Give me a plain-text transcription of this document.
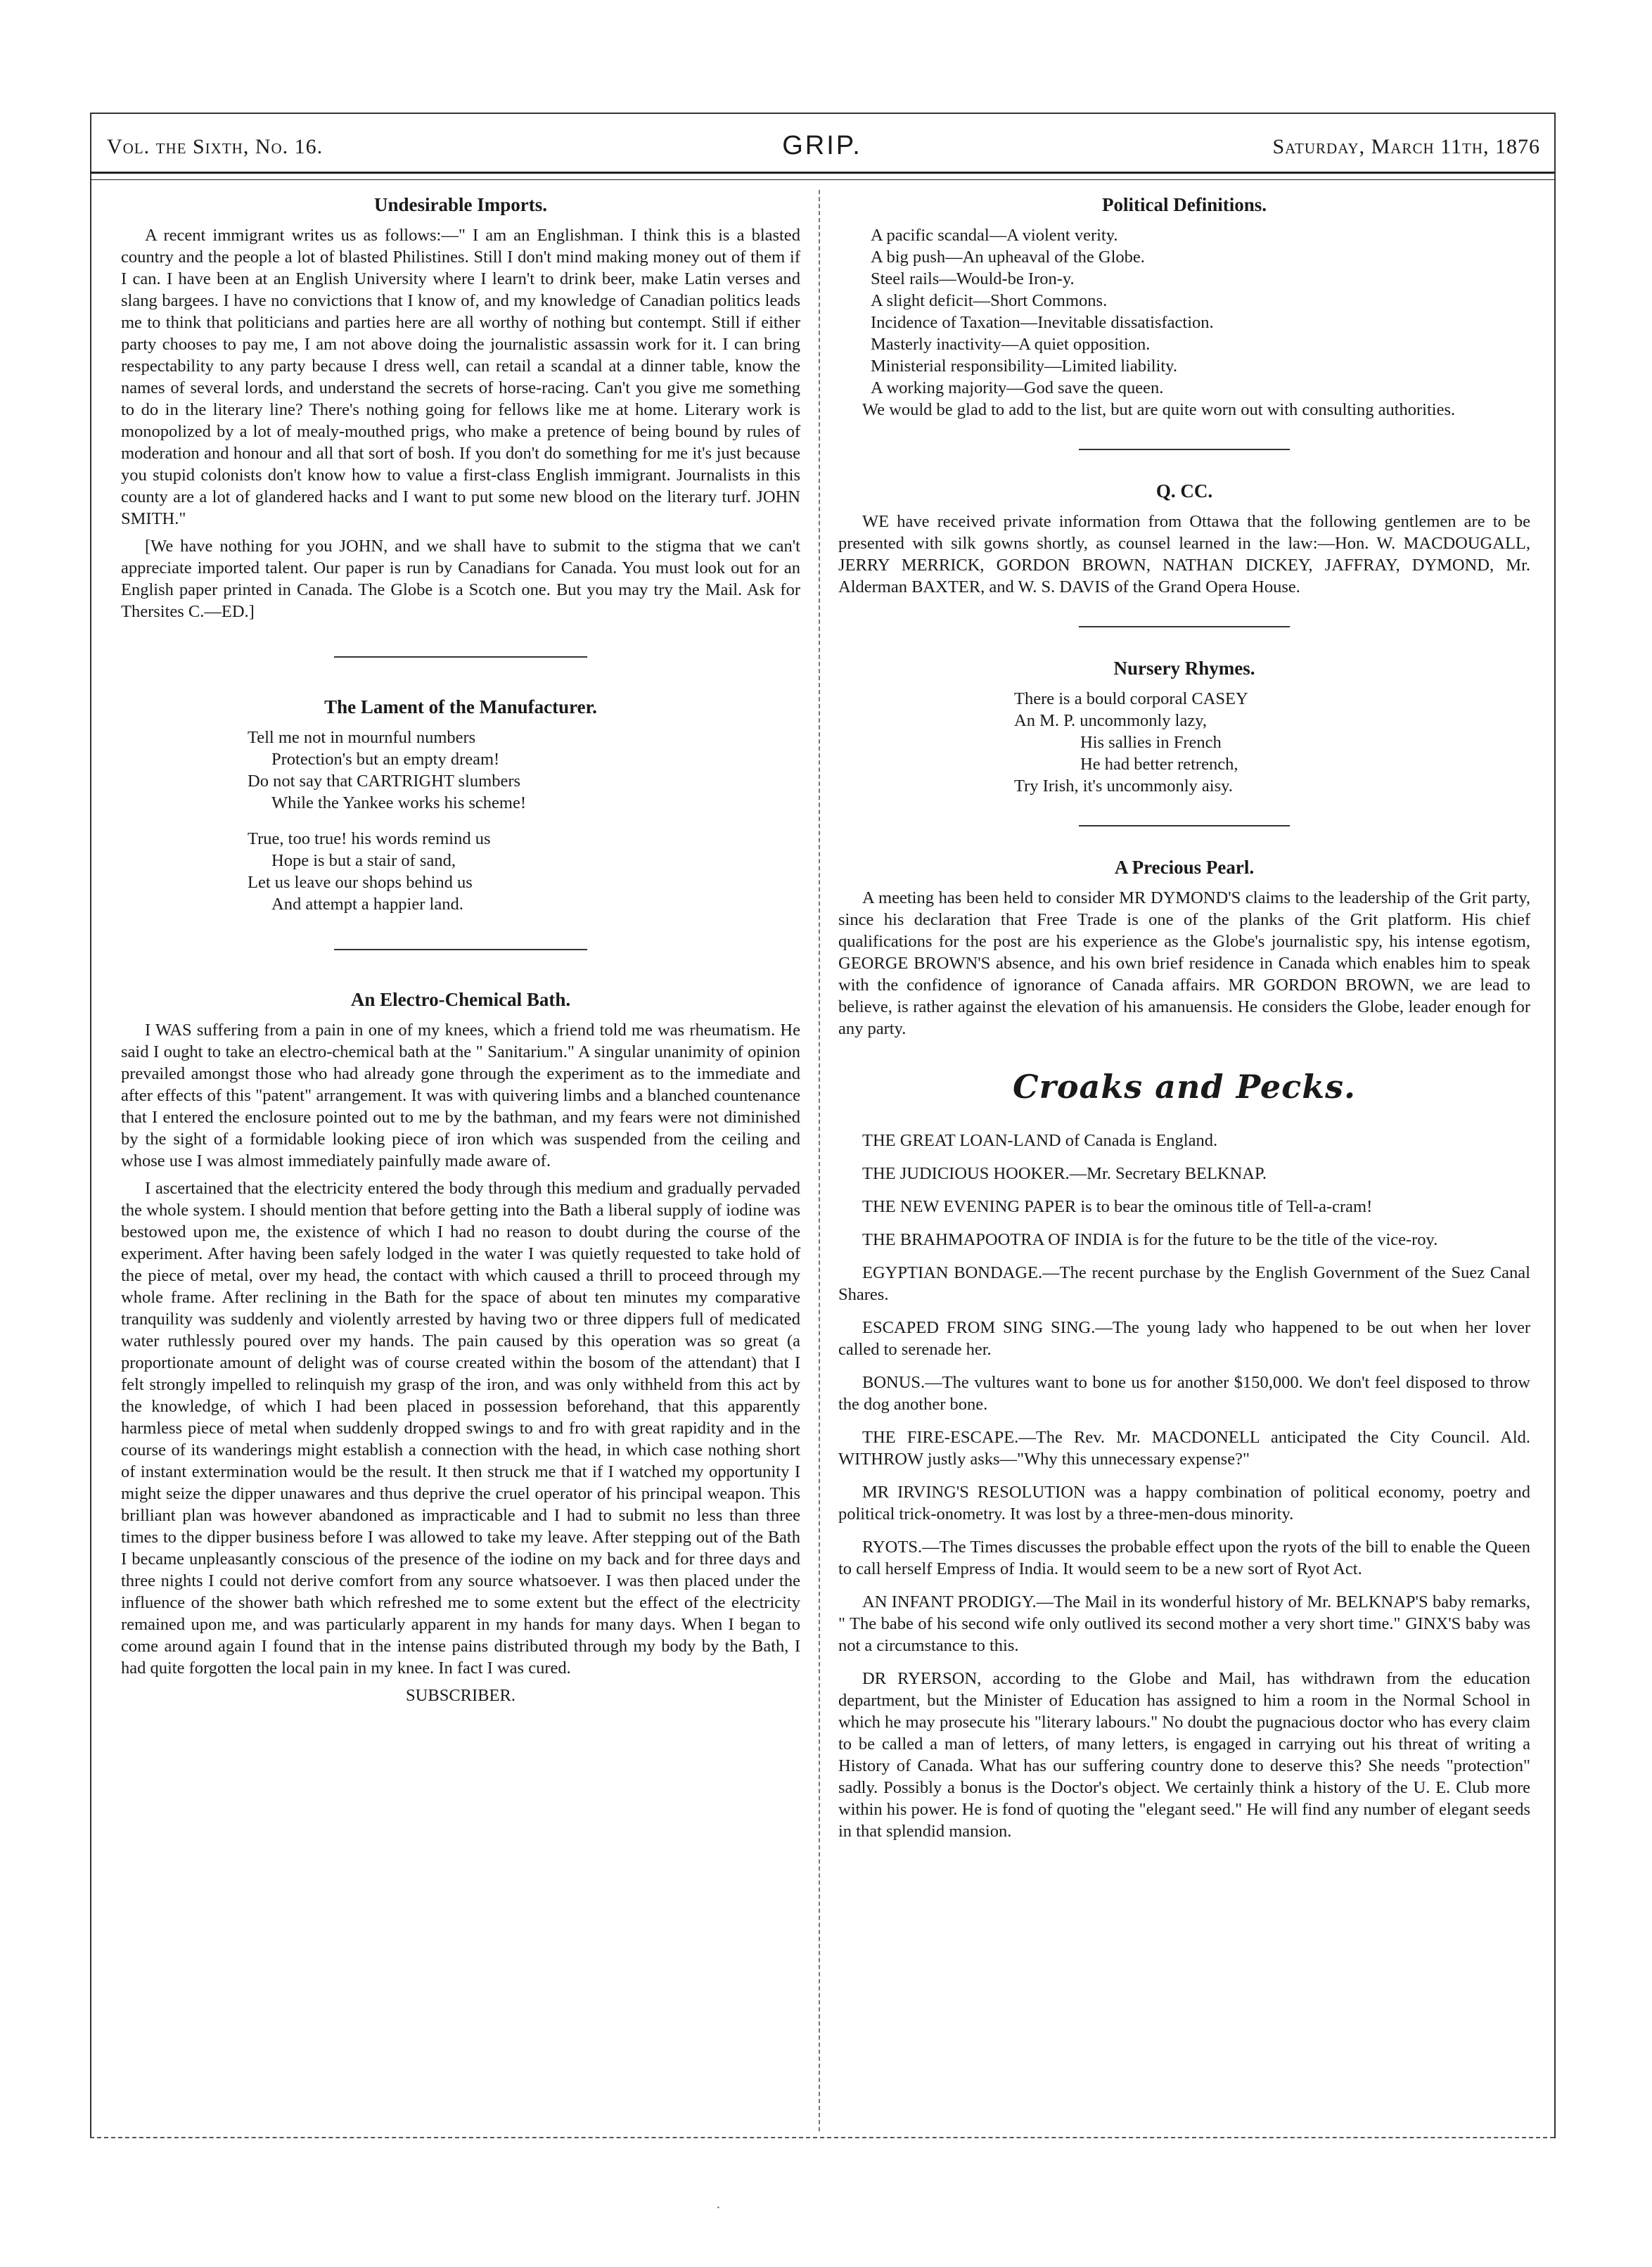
Vol. the Sixth, No. 16.	GRIP.	Saturday, March 11th, 1876
Undesirable Imports.

A recent immigrant writes us as follows:—" I am an Englishman. I think this is a blasted country and the people a lot of blasted Philistines. Still I don't mind making money out of them if I can. I have been at an English University where I learn't to drink beer, make Latin verses and slang bargees. I have no convictions that I know of, and my knowledge of Canadian politics leads me to think that politicians and parties here are all worthy of nothing but contempt. Still if either party chooses to pay me, I am not above doing the journalistic assassin work for it. I can bring respectability to any party because I dress well, can retail a scandal at a dinner table, know the names of several lords, and understand the secrets of horse-racing. Can't you give me something to do in the literary line? There's nothing going for fellows like me at home. Literary work is monopolized by a lot of mealy-mouthed prigs, who make a pretence of being bound by rules of moderation and honour and all that sort of bosh. If you don't do something for me it's just because you stupid colonists don't know how to value a first-class English immigrant. Journalists in this county are a lot of glandered hacks and I want to put some new blood on the literary turf. JOHN SMITH."

[We have nothing for you JOHN, and we shall have to submit to the stigma that we can't appreciate imported talent. Our paper is run by Canadians for Canada. You must look out for an English paper printed in Canada. The Globe is a Scotch one. But you may try the Mail. Ask for Thersites C.—ED.]

The Lament of the Manufacturer.
Tell me not in mournful numbers
Protection's but an empty dream!
Do not say that CARTRIGHT slumbers
While the Yankee works his scheme!
True, too true! his words remind us
Hope is but a stair of sand,
Let us leave our shops behind us
And attempt a happier land.
An Electro-Chemical Bath.

I WAS suffering from a pain in one of my knees, which a friend told me was rheumatism. He said I ought to take an electro-chemical bath at the " Sanitarium." A singular unanimity of opinion prevailed amongst those who had already gone through the experiment as to the immediate and after effects of this "patent" arrangement. It was with quivering limbs and a blanched countenance that I entered the enclosure pointed out to me by the bathman, and my fears were not diminished by the sight of a formidable looking piece of iron which was suspended from the ceiling and whose use I was almost immediately painfully made aware of.

I ascertained that the electricity entered the body through this medium and gradually pervaded the whole system. I should mention that before getting into the Bath a liberal supply of iodine was bestowed upon me, the existence of which I had no reason to doubt during the course of the experiment. After having been safely lodged in the water I was quietly requested to take hold of the piece of metal, over my head, the contact with which caused a thrill to proceed through my whole frame. After reclining in the Bath for the space of about ten minutes my comparative tranquility was suddenly and violently arrested by having two or three dippers full of medicated water ruthlessly poured over my hands. The pain caused by this operation was so great (a proportionate amount of delight was of course created within the bosom of the attendant) that I felt strongly impelled to relinquish my grasp of the iron, and was only withheld from this act by the knowledge, of which I had been placed in possession beforehand, that this apparently harmless piece of metal when suddenly dropped swings to and fro with great rapidity and in the course of its wanderings might establish a connection with the head, in which case nothing short of instant extermination would be the result. It then struck me that if I watched my opportunity I might seize the dipper unawares and thus deprive the cruel operator of his principal weapon. This brilliant plan was however abandoned as impracticable and I had to submit no less than three times to the dipper business before I was allowed to take my leave. After stepping out of the Bath I became unpleasantly conscious of the presence of the iodine on my back and for three days and three nights I could not derive comfort from any source whatsoever. I was then placed under the influence of the shower bath which refreshed me to some extent but the effect of the electricity remained upon me, and was particularly apparent in my hands for many days. When I began to come around again I found that in the intense pains distributed through my body by the Bath, I had quite forgotten the local pain in my knee. In fact I was cured.

SUBSCRIBER.

Political Definitions.
A pacific scandal—A violent verity.
A big push—An upheaval of the Globe.
Steel rails—Would-be Iron-y.
A slight deficit—Short Commons.
Incidence of Taxation—Inevitable dissatisfaction.
Masterly inactivity—A quiet opposition.
Ministerial responsibility—Limited liability.
A working majority—God save the queen.

We would be glad to add to the list, but are quite worn out with consulting authorities.

Q. CC.

WE have received private information from Ottawa that the following gentlemen are to be presented with silk gowns shortly, as counsel learned in the law:—Hon. W. MACDOUGALL, JERRY MERRICK, GORDON BROWN, NATHAN DICKEY, JAFFRAY, DYMOND, Mr. Alderman BAXTER, and W. S. DAVIS of the Grand Opera House.

Nursery Rhymes.
There is a bould corporal CASEY
An M. P. uncommonly lazy,
His sallies in French
He had better retrench,
Try Irish, it's uncommonly aisy.
A Precious Pearl.

A meeting has been held to consider MR DYMOND'S claims to the leadership of the Grit party, since his declaration that Free Trade is one of the planks of the Grit platform. His chief qualifications for the post are his experience as the Globe's journalistic spy, his intense egotism, GEORGE BROWN'S absence, and his own brief residence in Canada which enables him to speak with the confidence of ignorance of Canada affairs. MR GORDON BROWN, we are lead to believe, is rather against the elevation of his amanuensis. He considers the Globe, leader enough for any party.

Croaks and Pecks.

THE GREAT LOAN-LAND of Canada is England.

THE JUDICIOUS HOOKER.—Mr. Secretary BELKNAP.

THE NEW EVENING PAPER is to bear the ominous title of Tell-a-cram!

THE BRAHMAPOOTRA OF INDIA is for the future to be the title of the vice-roy.

EGYPTIAN BONDAGE.—The recent purchase by the English Government of the Suez Canal Shares.

ESCAPED FROM SING SING.—The young lady who happened to be out when her lover called to serenade her.

BONUS.—The vultures want to bone us for another $150,000. We don't feel disposed to throw the dog another bone.

THE FIRE-ESCAPE.—The Rev. Mr. MACDONELL anticipated the City Council. Ald. WITHROW justly asks—"Why this unnecessary expense?"

MR IRVING'S RESOLUTION was a happy combination of political economy, poetry and political trick-onometry. It was lost by a three-men-dous minority.

RYOTS.—The Times discusses the probable effect upon the ryots of the bill to enable the Queen to call herself Empress of India. It would seem to be a new sort of Ryot Act.

AN INFANT PRODIGY.—The Mail in its wonderful history of Mr. BELKNAP'S baby remarks, " The babe of his second wife only outlived its second mother a very short time." GINX'S baby was not a circumstance to this.

DR RYERSON, according to the Globe and Mail, has withdrawn from the education department, but the Minister of Education has assigned to him a room in the Normal School in which he may prosecute his "literary labours." No doubt the pugnacious doctor who has every claim to be called a man of letters, of many letters, is engaged in carrying out his threat of writing a History of Canada. What has our suffering country done to deserve this? She needs "protection" sadly. Possibly a bonus is the Doctor's object. We certainly think a history of the U. E. Club more within his power. He is fond of quoting the "elegant seed." He will find any number of elegant seeds in that splendid mansion.

·
